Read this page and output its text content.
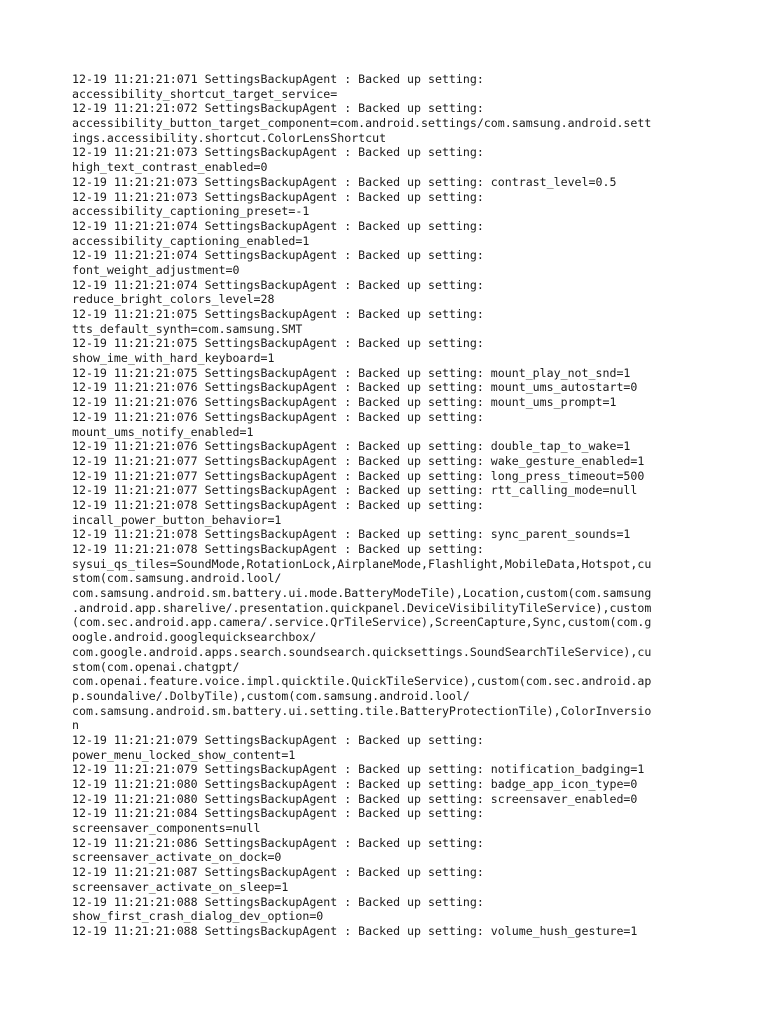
12-19 11:21:21:071 SettingsBackupAgent : Backed up setting:
accessibility_shortcut_target_service=
12-19 11:21:21:072 SettingsBackupAgent : Backed up setting:
accessibility_button_target_component=com.android.settings/com.samsung.android.sett
ings.accessibility.shortcut.ColorLensShortcut
12-19 11:21:21:073 SettingsBackupAgent : Backed up setting:
high_text_contrast_enabled=0
12-19 11:21:21:073 SettingsBackupAgent : Backed up setting: contrast_level=0.5
12-19 11:21:21:073 SettingsBackupAgent : Backed up setting:
accessibility_captioning_preset=-1
12-19 11:21:21:074 SettingsBackupAgent : Backed up setting:
accessibility_captioning_enabled=1
12-19 11:21:21:074 SettingsBackupAgent : Backed up setting:
font_weight_adjustment=0
12-19 11:21:21:074 SettingsBackupAgent : Backed up setting:
reduce_bright_colors_level=28
12-19 11:21:21:075 SettingsBackupAgent : Backed up setting:
tts_default_synth=com.samsung.SMT
12-19 11:21:21:075 SettingsBackupAgent : Backed up setting:
show_ime_with_hard_keyboard=1
12-19 11:21:21:075 SettingsBackupAgent : Backed up setting: mount_play_not_snd=1
12-19 11:21:21:076 SettingsBackupAgent : Backed up setting: mount_ums_autostart=0
12-19 11:21:21:076 SettingsBackupAgent : Backed up setting: mount_ums_prompt=1
12-19 11:21:21:076 SettingsBackupAgent : Backed up setting:
mount_ums_notify_enabled=1
12-19 11:21:21:076 SettingsBackupAgent : Backed up setting: double_tap_to_wake=1
12-19 11:21:21:077 SettingsBackupAgent : Backed up setting: wake_gesture_enabled=1
12-19 11:21:21:077 SettingsBackupAgent : Backed up setting: long_press_timeout=500
12-19 11:21:21:077 SettingsBackupAgent : Backed up setting: rtt_calling_mode=null
12-19 11:21:21:078 SettingsBackupAgent : Backed up setting:
incall_power_button_behavior=1
12-19 11:21:21:078 SettingsBackupAgent : Backed up setting: sync_parent_sounds=1
12-19 11:21:21:078 SettingsBackupAgent : Backed up setting:
sysui_qs_tiles=SoundMode,RotationLock,AirplaneMode,Flashlight,MobileData,Hotspot,cu
stom(com.samsung.android.lool/
com.samsung.android.sm.battery.ui.mode.BatteryModeTile),Location,custom(com.samsung
.android.app.sharelive/.presentation.quickpanel.DeviceVisibilityTileService),custom
(com.sec.android.app.camera/.service.QrTileService),ScreenCapture,Sync,custom(com.g
oogle.android.googlequicksearchbox/
com.google.android.apps.search.soundsearch.quicksettings.SoundSearchTileService),cu
stom(com.openai.chatgpt/
com.openai.feature.voice.impl.quicktile.QuickTileService),custom(com.sec.android.ap
p.soundalive/.DolbyTile),custom(com.samsung.android.lool/
com.samsung.android.sm.battery.ui.setting.tile.BatteryProtectionTile),ColorInversio
n
12-19 11:21:21:079 SettingsBackupAgent : Backed up setting:
power_menu_locked_show_content=1
12-19 11:21:21:079 SettingsBackupAgent : Backed up setting: notification_badging=1
12-19 11:21:21:080 SettingsBackupAgent : Backed up setting: badge_app_icon_type=0
12-19 11:21:21:080 SettingsBackupAgent : Backed up setting: screensaver_enabled=0
12-19 11:21:21:084 SettingsBackupAgent : Backed up setting:
screensaver_components=null
12-19 11:21:21:086 SettingsBackupAgent : Backed up setting:
screensaver_activate_on_dock=0
12-19 11:21:21:087 SettingsBackupAgent : Backed up setting:
screensaver_activate_on_sleep=1
12-19 11:21:21:088 SettingsBackupAgent : Backed up setting:
show_first_crash_dialog_dev_option=0
12-19 11:21:21:088 SettingsBackupAgent : Backed up setting: volume_hush_gesture=1
